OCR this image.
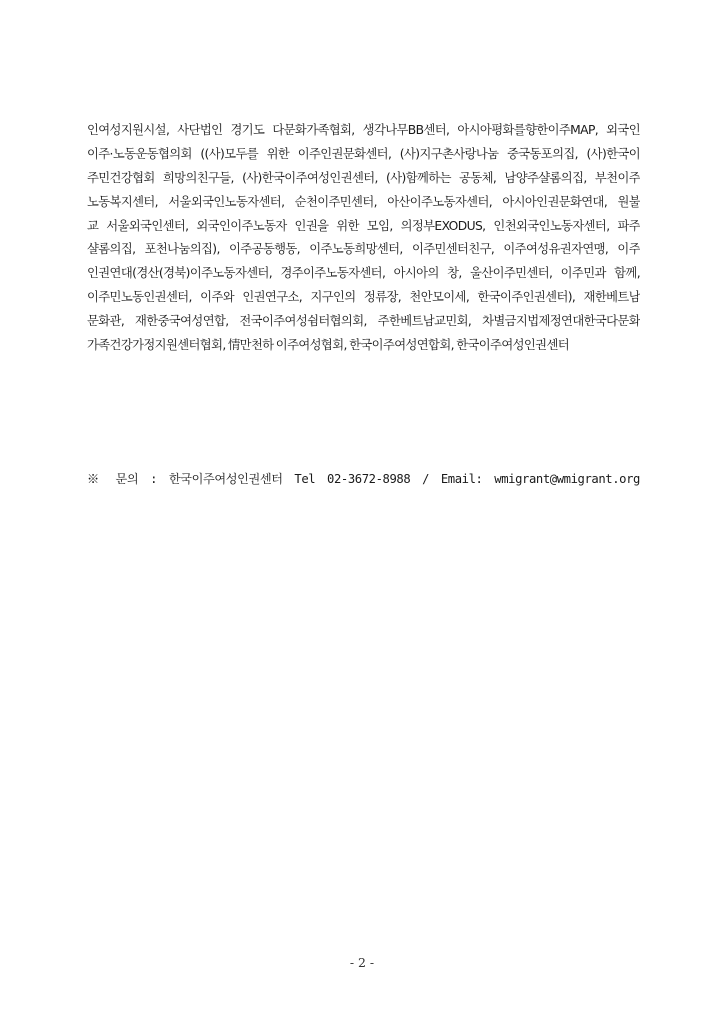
인여성지원시설, 사단법인 경기도 다문화가족협회, 생각나무BB센터, 아시아평화를향한이주MAP, 외국인
이주·노동운동협의회 ((사)모두를 위한 이주인권문화센터, (사)지구촌사랑나눔 중국동포의집, (사)한국이
주민건강협회 희망의친구들, (사)한국이주여성인권센터, (사)함께하는 공동체, 남양주샬롬의집, 부천이주
노동복지센터, 서울외국인노동자센터, 순천이주민센터, 아산이주노동자센터, 아시아인권문화연대, 원불
교 서울외국인센터, 외국인이주노동자 인권을 위한 모임, 의정부EXODUS, 인천외국인노동자센터, 파주
샬롬의집, 포천나눔의집), 이주공동행동, 이주노동희망센터, 이주민센터친구, 이주여성유권자연맹, 이주
인권연대(경산(경북)이주노동자센터, 경주이주노동자센터, 아시아의 창, 울산이주민센터, 이주민과 함께,
이주민노동인권센터, 이주와 인권연구소, 지구인의 정류장, 천안모이세, 한국이주인권센터), 재한베트남
문화관, 재한중국여성연합, 전국이주여성쉼터협의회, 주한베트남교민회, 차별금지법제정연대한국다문화
가족건강가정지원센터협회, 情만천하 이주여성협회, 한국이주여성연합회, 한국이주여성인권센터
※ 문의 : 한국이주여성인권센터 Tel 02-3672-8988 / Email: wmigrant@wmigrant.org
- 2 -
